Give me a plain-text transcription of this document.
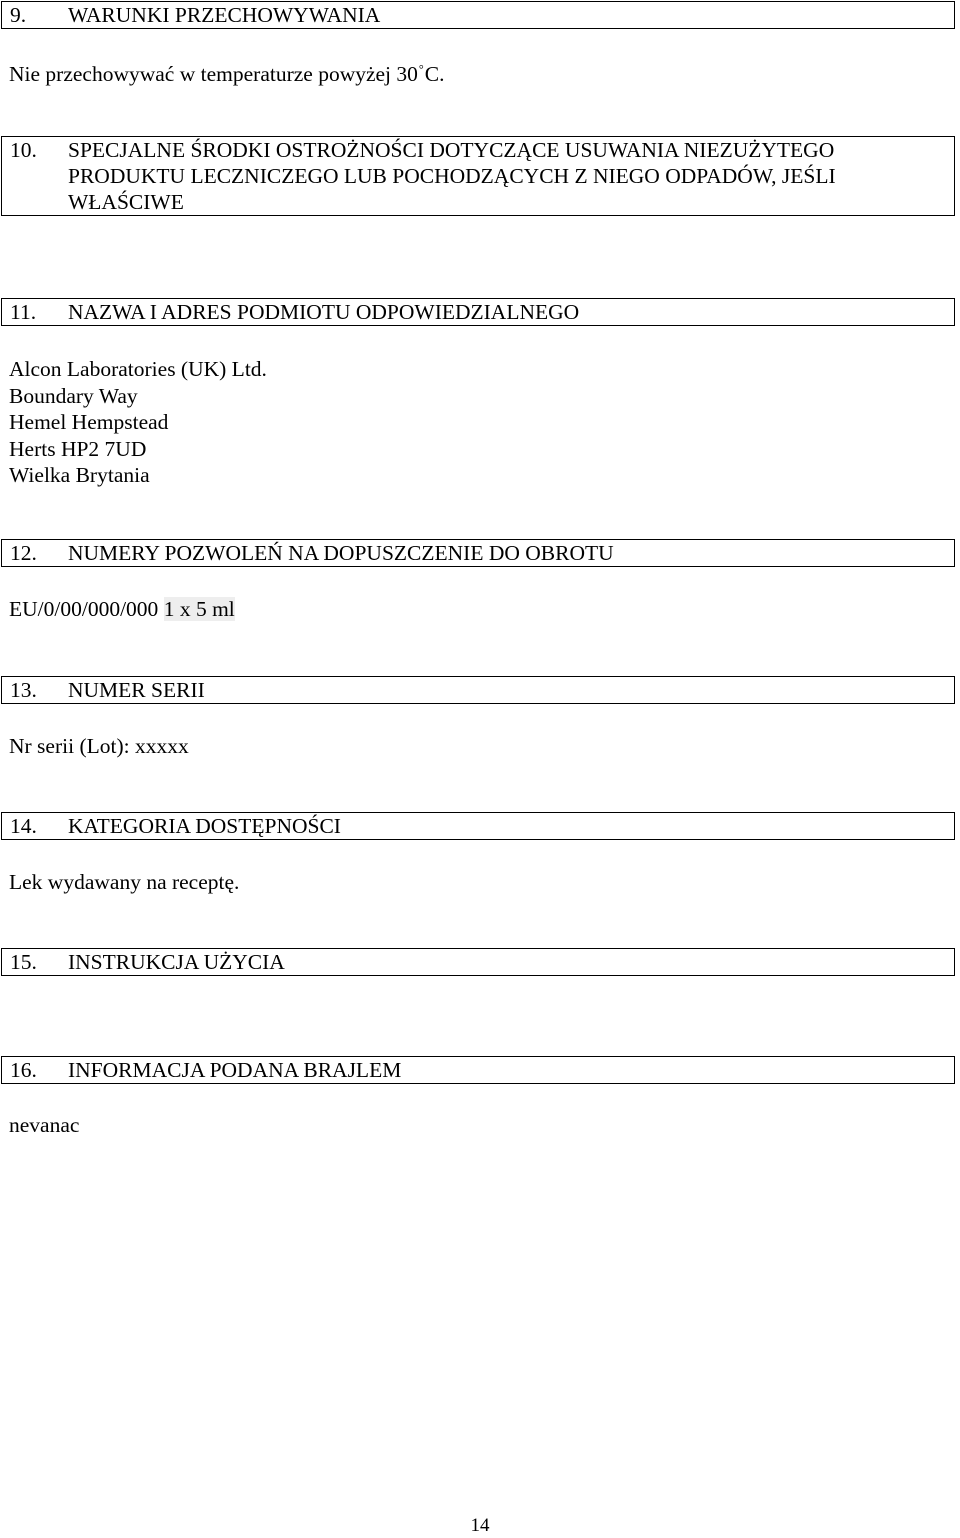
9. WARUNKI PRZECHOWYWANIA
Nie przechowywać w temperaturze powyżej 30°C.
10. SPECJALNE ŚRODKI OSTROŻNOŚCI DOTYCZĄCE USUWANIA NIEZUŻYTEGO PRODUKTU LECZNICZEGO LUB POCHODZĄCYCH Z NIEGO ODPADÓW, JEŚLI WŁAŚCIWE
11. NAZWA I ADRES PODMIOTU ODPOWIEDZIALNEGO
Alcon Laboratories (UK) Ltd.
Boundary Way
Hemel Hempstead
Herts HP2 7UD
Wielka Brytania
12. NUMERY POZWOLEŃ NA DOPUSZCZENIE DO OBROTU
EU/0/00/000/000 1 x 5 ml
13. NUMER SERII
Nr serii (Lot): xxxxx
14. KATEGORIA DOSTĘPNOŚCI
Lek wydawany na receptę.
15. INSTRUKCJA UŻYCIA
16. INFORMACJA PODANA BRAJLEM
nevanac
14
